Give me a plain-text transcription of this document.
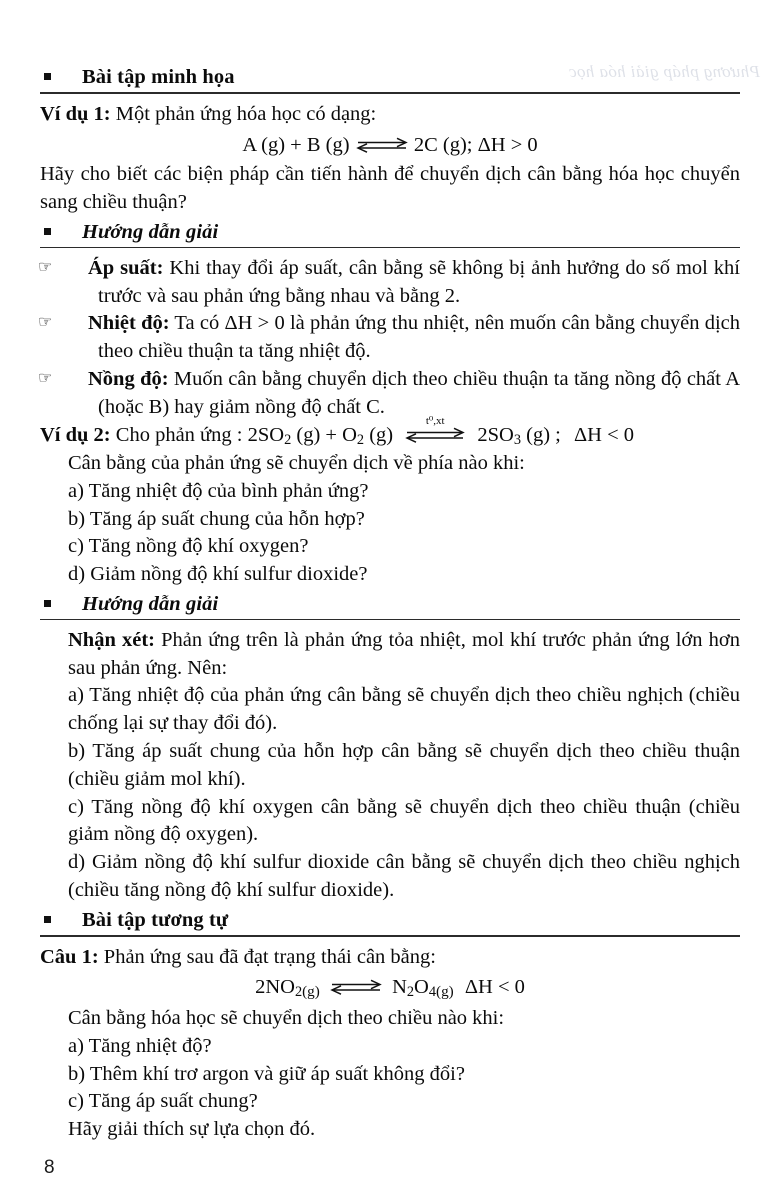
Phương pháp giải hóa học
Bài tập minh họa

Ví dụ 1: Một phản ứng hóa học có dạng:

A (g) + B (g) ⇌ 2C (g); ΔH > 0

Hãy cho biết các biện pháp cần tiến hành để chuyển dịch cân bằng hóa học chuyển sang chiều thuận?

Hướng dẫn giải

☞ Áp suất: Khi thay đổi áp suất, cân bằng sẽ không bị ảnh hưởng do số mol khí trước và sau phản ứng bằng nhau và bằng 2.

☞ Nhiệt độ: Ta có ΔH > 0 là phản ứng thu nhiệt, nên muốn cân bằng chuyển dịch theo chiều thuận ta tăng nhiệt độ.

☞ Nồng độ: Muốn cân bằng chuyển dịch theo chiều thuận ta tăng nồng độ chất A (hoặc B) hay giảm nồng độ chất C.

Ví dụ 2: Cho phản ứng : $2SO_2$ $(g) + O_2$ (g)
t⁰,xt
$2SO_3$ (g) ; ΔH < 0

Cân bằng của phản ứng sẽ chuyển dịch về phía nào khi:

a) Tăng nhiệt độ của bình phản ứng?

b) Tăng áp suất chung của hỗn hợp?

c) Tăng nồng độ khí oxygen?

d) Giảm nồng độ khí sulfur dioxide?

Hướng dẫn giải

Nhận xét: Phản ứng trên là phản ứng tỏa nhiệt, mol khí trước phản ứng lớn hơn sau phản ứng. Nên:

a) Tăng nhiệt độ của phản ứng cân bằng sẽ chuyển dịch theo chiều nghịch (chiều chống lại sự thay đổi đó).

b) Tăng áp suất chung của hỗn hợp cân bằng sẽ chuyển dịch theo chiều thuận (chiều giảm mol khí).

c) Tăng nồng độ khí oxygen cân bằng sẽ chuyển dịch theo chiều thuận (chiều giảm nồng độ oxygen).

d) Giảm nồng độ khí sulfur dioxide cân bằng sẽ chuyển dịch theo chiều nghịch (chiều tăng nồng độ khí sulfur dioxide).

Bài tập tương tự

Câu 1: Phản ứng sau đã đạt trạng thái cân bằng:

$2NO_2(g)$ ⇌ $N_2O_4(g) \Delta H < 0$

Cân bằng hóa học sẽ chuyển dịch theo chiều nào khi:

a) Tăng nhiệt độ?

b) Thêm khí trơ argon và giữ áp suất không đổi?

c) Tăng áp suất chung?

Hãy giải thích sự lựa chọn đó.

8
